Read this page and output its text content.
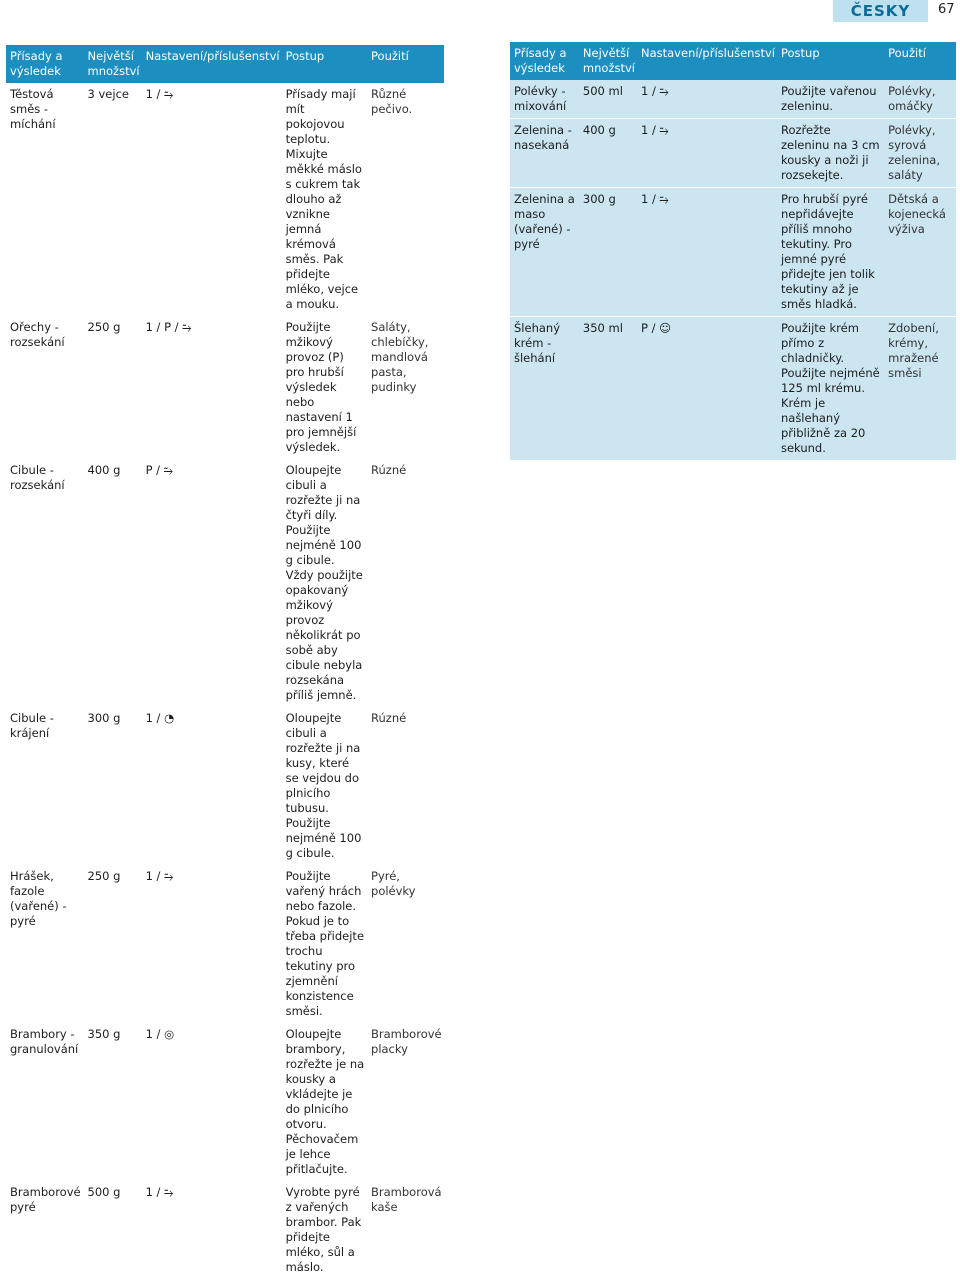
ČESKY	67
Přísady a výsledek	Největší množství	Nastavení/příslušenství	Postup	Použití
Těstová směs - míchání	3 vejce	1 / ⥲	Přísady mají mít pokojovou teplotu. Mixujte měkké máslo s cukrem tak dlouho až vznikne jemná krémová směs. Pak přidejte mléko, vejce a mouku.	Různé pečivo.
Ořechy - rozsekání	250 g	1 / P / ⥲	Použijte mžikový provoz (P) pro hrubší výsledek nebo nastavení 1 pro jemnější výsledek.	Saláty, chlebíčky, mandlová pasta, pudinky
Cibule - rozsekání	400 g	P / ⥲	Oloupejte cibuli a rozřežte ji na čtyři díly. Použijte nejméně 100 g cibule. Vždy použijte opakovaný mžikový provoz několikrát po sobě aby cibule nebyla rozsekána příliš jemně.	Rúzné
Cibule - krájení	300 g	1 / ◔	Oloupejte cibuli a rozřežte ji na kusy, které se vejdou do plnicího tubusu. Použijte nejméně 100 g cibule.	Rúzné
Hrášek, fazole (vařené) - pyré	250 g	1 / ⥲	Použijte vařený hrách nebo fazole. Pokud je to třeba přidejte trochu tekutiny pro zjemnění konzistence směsi.	Pyré, polévky
Brambory - granulování	350 g	1 / ◎	Oloupejte brambory, rozřežte je na kousky a vkládejte je do plnicího otvoru. Pěchovačem je lehce přitlačujte.	Bramborové placky
Bramborové pyré	500 g	1 / ⥲	Vyrobte pyré z vařených brambor. Pak přidejte mléko, sůl a máslo.	Bramborová kaše
Přísady a výsledek	Největší množství	Nastavení/příslušenství	Postup	Použití
Polévky - mixování	500 ml	1 / ⥲	Použijte vařenou zeleninu.	Polévky, omáčky
Zelenina - nasekaná	400 g	1 / ⥲	Rozřežte zeleninu na 3 cm kousky a noži ji rozsekejte.	Polévky, syrová zelenina, saláty
Zelenina a maso (vařené) - pyré	300 g	1 / ⥲	Pro hrubší pyré nepřidávejte příliš mnoho tekutiny. Pro jemné pyré přidejte jen tolik tekutiny až je směs hladká.	Dětská a kojenecká výživa
Šlehaný krém - šlehání	350 ml	P / ☺	Použijte krém přímo z chladničky. Použijte nejméně 125 ml krému. Krém je našlehaný přibližně za 20 sekund.	Zdobení, krémy, mražené směsi
